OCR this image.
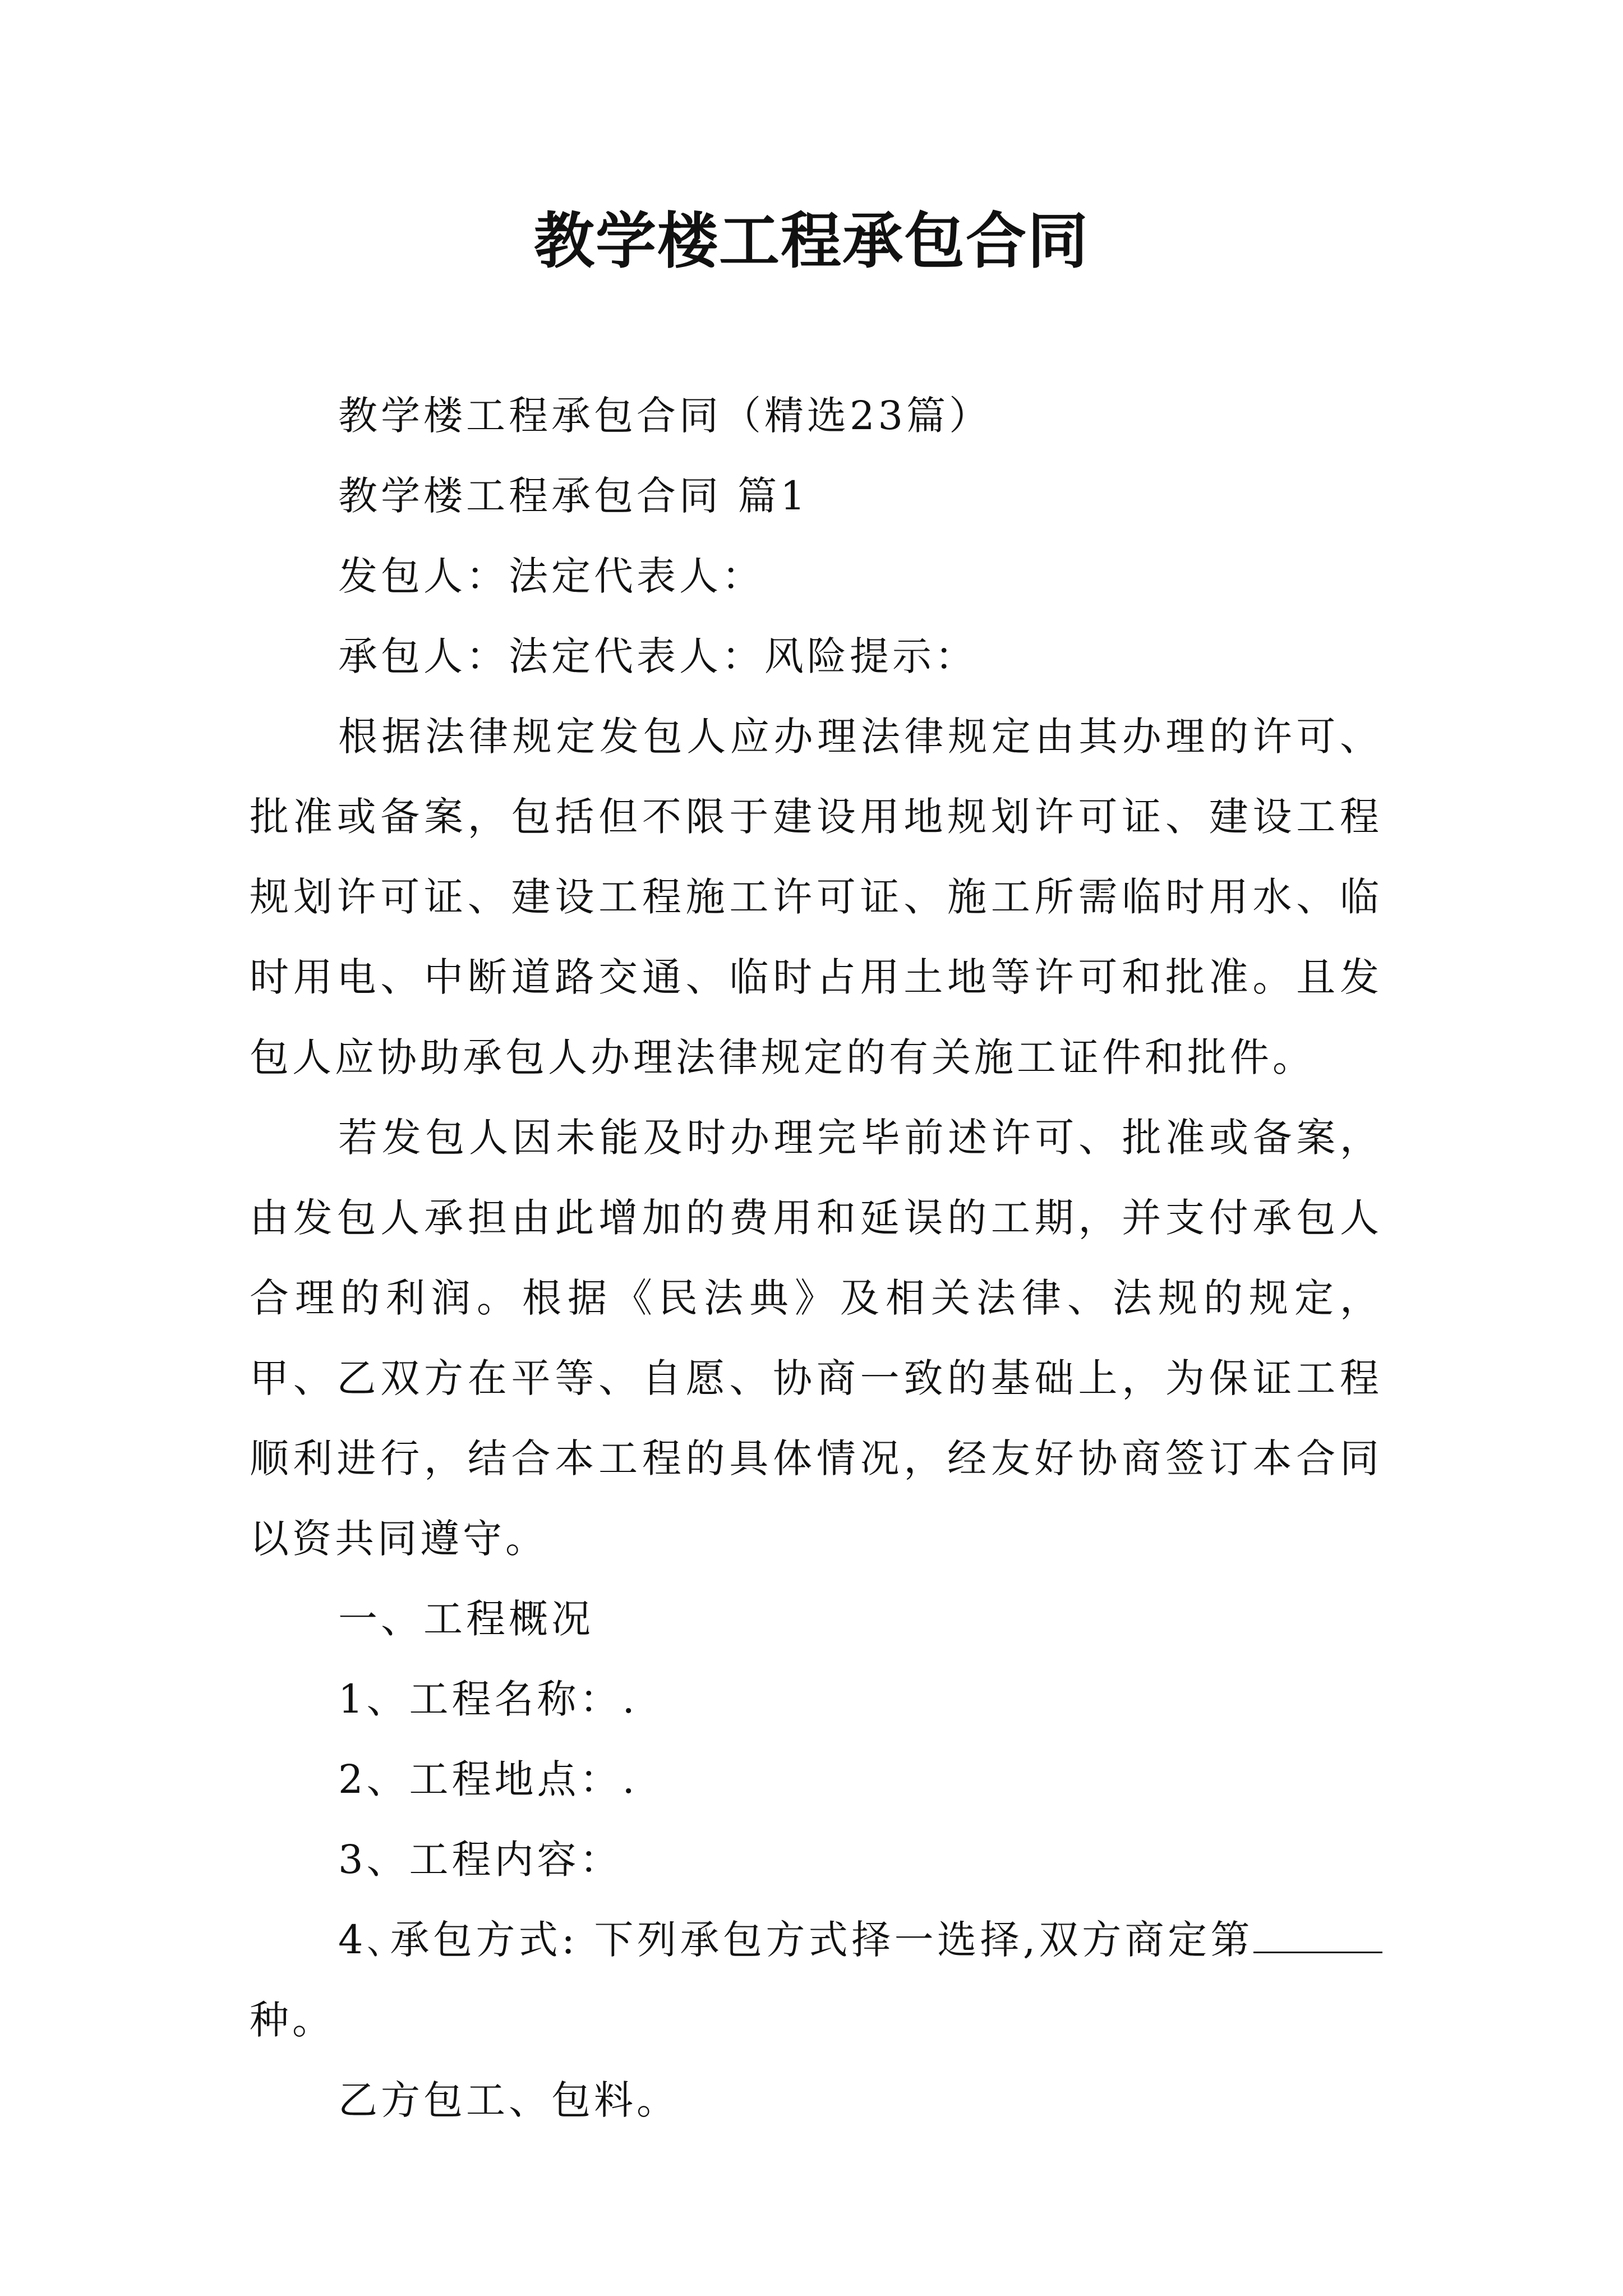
教学楼工程承包合同

教学楼工程承包合同（精选23篇）

教学楼工程承包合同 篇1

发包人：法定代表人：

承包人：法定代表人：风险提示：

根据法律规定发包人应办理法律规定由其办理的许可、批准或备案，包括但不限于建设用地规划许可证、建设工程规划许可证、建设工程施工许可证、施工所需临时用水、临时用电、中断道路交通、临时占用土地等许可和批准。且发包人应协助承包人办理法律规定的有关施工证件和批件。

若发包人因未能及时办理完毕前述许可、批准或备案，由发包人承担由此增加的费用和延误的工期，并支付承包人合理的利润。根据《民法典》及相关法律、法规的规定，甲、乙双方在平等、自愿、协商一致的基础上，为保证工程顺利进行，结合本工程的具体情况，经友好协商签订本合同以资共同遵守。

一、工程概况

1、工程名称：.

2、工程地点：.

3、工程内容：

4､承包方式: 下列承包方式择一选择,双方商定第种。

乙方包工、包料。
